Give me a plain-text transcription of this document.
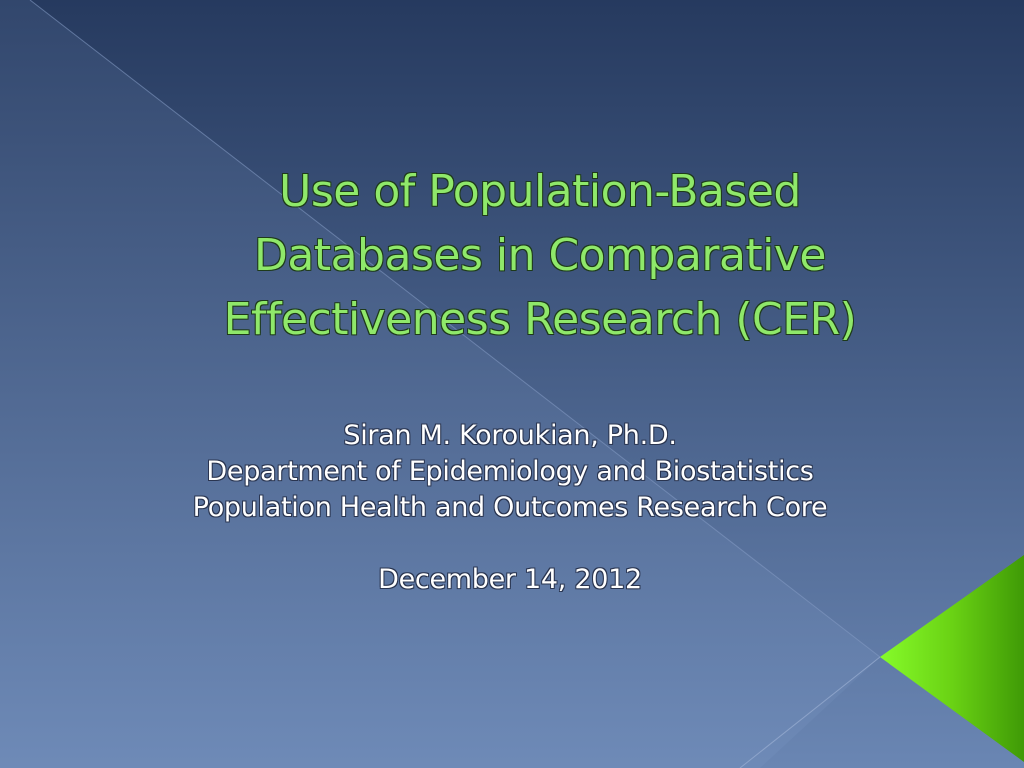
Use of Population-Based
Databases in Comparative
Effectiveness Research (CER)
Siran M. Koroukian, Ph.D.
Department of Epidemiology and Biostatistics
Population Health and Outcomes Research Core
December 14, 2012
